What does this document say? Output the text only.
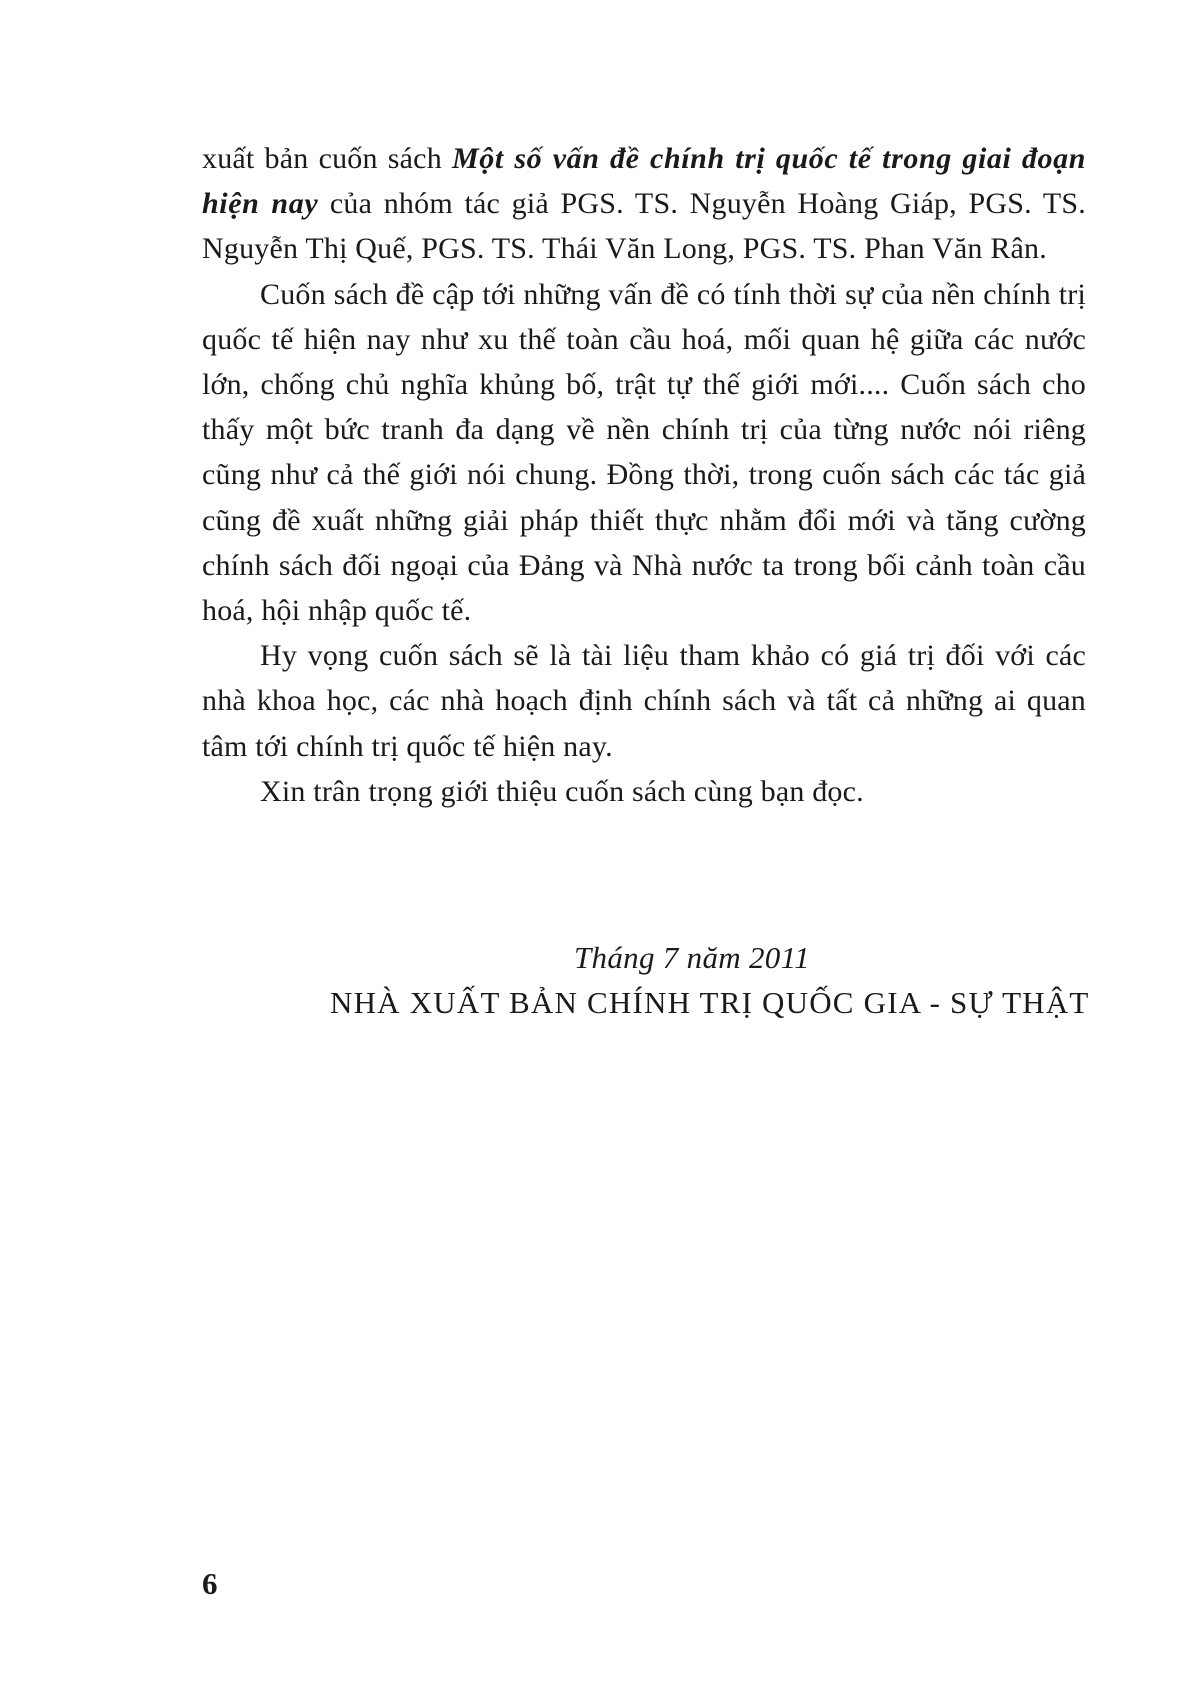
xuất bản cuốn sách Một số vấn đề chính trị quốc tế trong giai đoạn hiện nay của nhóm tác giả PGS. TS. Nguyễn Hoàng Giáp, PGS. TS. Nguyễn Thị Quế, PGS. TS. Thái Văn Long, PGS. TS. Phan Văn Rân.

Cuốn sách đề cập tới những vấn đề có tính thời sự của nền chính trị quốc tế hiện nay như xu thế toàn cầu hoá, mối quan hệ giữa các nước lớn, chống chủ nghĩa khủng bố, trật tự thế giới mới.... Cuốn sách cho thấy một bức tranh đa dạng về nền chính trị của từng nước nói riêng cũng như cả thế giới nói chung. Đồng thời, trong cuốn sách các tác giả cũng đề xuất những giải pháp thiết thực nhằm đổi mới và tăng cường chính sách đối ngoại của Đảng và Nhà nước ta trong bối cảnh toàn cầu hoá, hội nhập quốc tế.

Hy vọng cuốn sách sẽ là tài liệu tham khảo có giá trị đối với các nhà khoa học, các nhà hoạch định chính sách và tất cả những ai quan tâm tới chính trị quốc tế hiện nay.

Xin trân trọng giới thiệu cuốn sách cùng bạn đọc.

Tháng 7 năm 2011
NHÀ XUẤT BẢN CHÍNH TRỊ QUỐC GIA - SỰ THẬT
6
